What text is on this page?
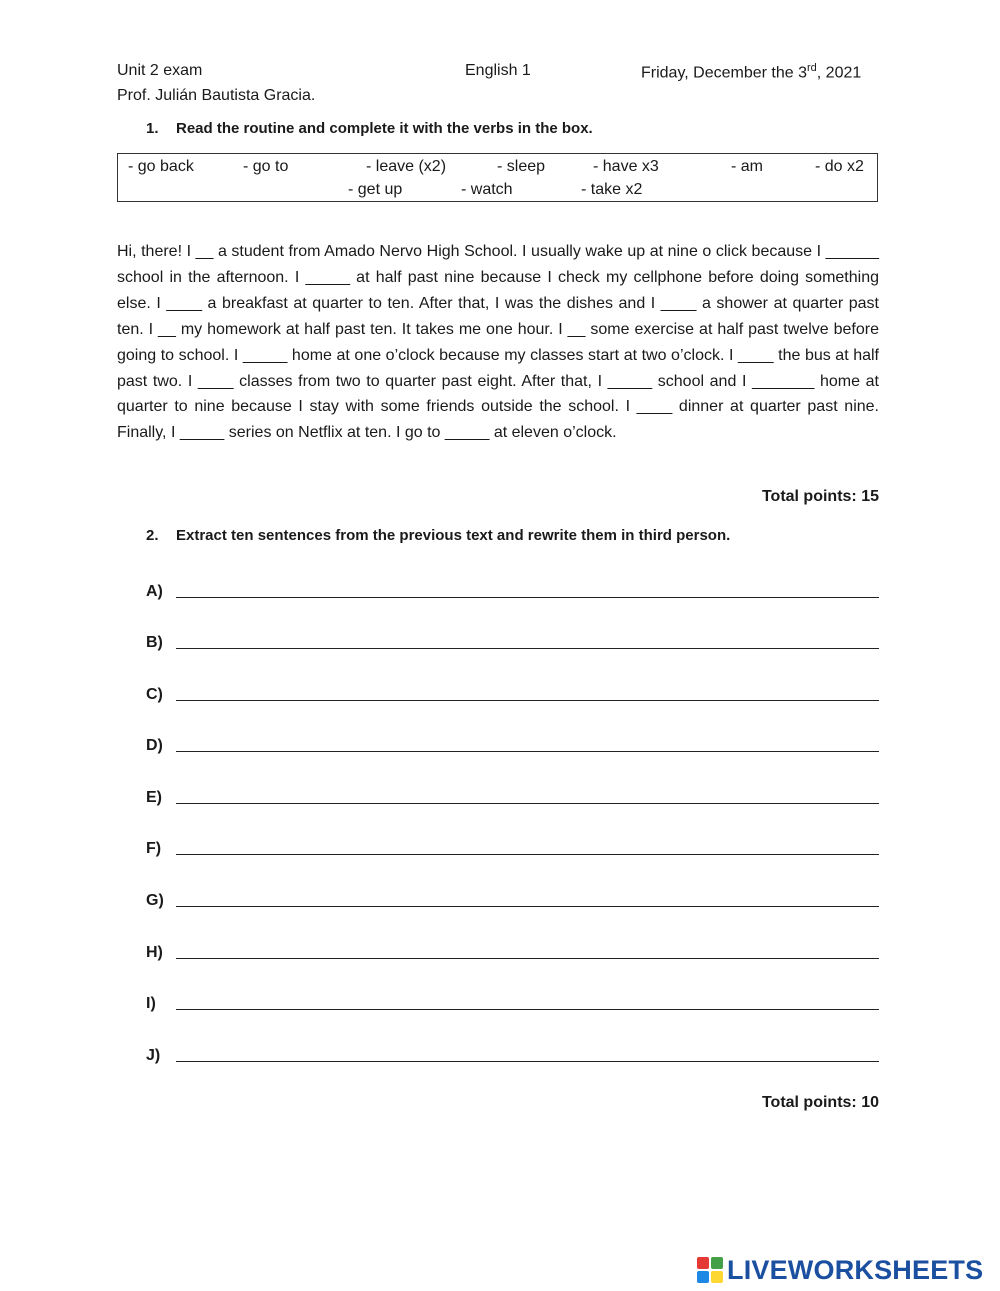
Unit 2 exam	English 1	Friday, December the 3rd, 2021
Prof. Julián Bautista Gracia.
1. Read the routine and complete it with the verbs in the box.
- go back	- go to	- leave (x2)	- sleep	- have x3	- am	- do x2
- get up	- watch	- take x2
Hi, there! I __ a student from Amado Nervo High School. I usually wake up at nine o click because I ______ school in the afternoon. I _____ at half past nine because I check my cellphone before doing something else. I ____ a breakfast at quarter to ten. After that, I was the dishes and I ____ a shower at quarter past ten. I __ my homework at half past ten. It takes me one hour. I __ some exercise at half past twelve before going to school. I _____ home at one o’clock because my classes start at two o’clock. I ____ the bus at half past two. I ____ classes from two to quarter past eight. After that, I _____ school and I _______ home at quarter to nine because I stay with some friends outside the school. I ____ dinner at quarter past nine. Finally, I _____ series on Netflix at ten. I go to _____ at eleven o’clock.
Total points: 15
2. Extract ten sentences from the previous text and rewrite them in third person.
A)
B)
C)
D)
E)
F)
G)
H)
I)
J)
Total points: 10
LIVEWORKSHEETS
